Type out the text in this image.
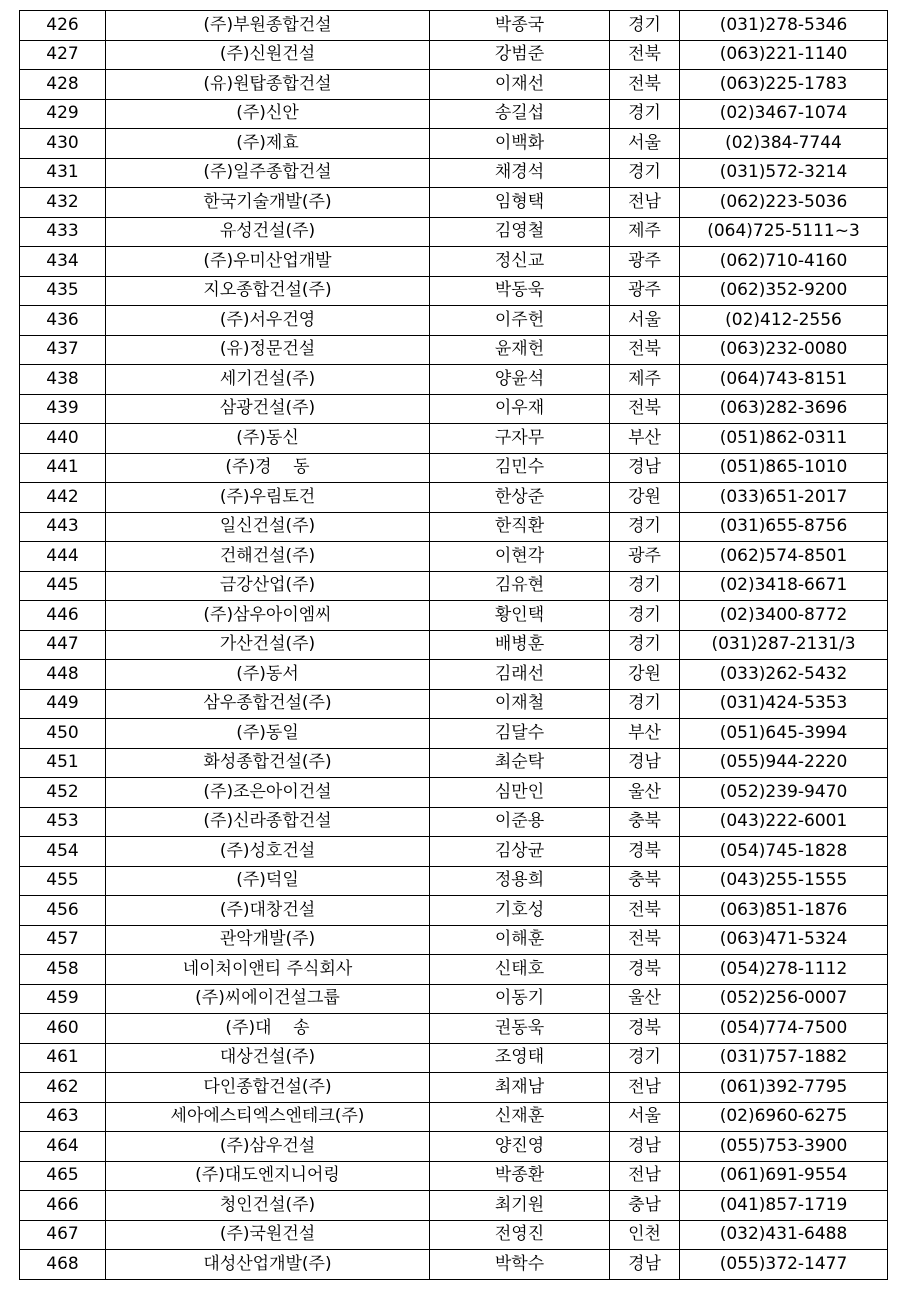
426	(주)부원종합건설	박종국	경기	(031)278-5346
427	(주)신원건설	강범준	전북	(063)221-1140
428	(유)원탑종합건설	이재선	전북	(063)225-1783
429	(주)신안	송길섭	경기	(02)3467-1074
430	(주)제효	이백화	서울	(02)384-7744
431	(주)일주종합건설	채경석	경기	(031)572-3214
432	한국기술개발(주)	임형택	전남	(062)223-5036
433	유성건설(주)	김영철	제주	(064)725-5111~3
434	(주)우미산업개발	정신교	광주	(062)710-4160
435	지오종합건설(주)	박동욱	광주	(062)352-9200
436	(주)서우건영	이주헌	서울	(02)412-2556
437	(유)정문건설	윤재헌	전북	(063)232-0080
438	세기건설(주)	양윤석	제주	(064)743-8151
439	삼광건설(주)	이우재	전북	(063)282-3696
440	(주)동신	구자무	부산	(051)862-0311
441	(주)경    동	김민수	경남	(051)865-1010
442	(주)우림토건	한상준	강원	(033)651-2017
443	일신건설(주)	한직환	경기	(031)655-8756
444	건해건설(주)	이현각	광주	(062)574-8501
445	금강산업(주)	김유현	경기	(02)3418-6671
446	(주)삼우아이엠씨	황인택	경기	(02)3400-8772
447	가산건설(주)	배병훈	경기	(031)287-2131/3
448	(주)동서	김래선	강원	(033)262-5432
449	삼우종합건설(주)	이재철	경기	(031)424-5353
450	(주)동일	김달수	부산	(051)645-3994
451	화성종합건설(주)	최순탁	경남	(055)944-2220
452	(주)조은아이건설	심만인	울산	(052)239-9470
453	(주)신라종합건설	이준용	충북	(043)222-6001
454	(주)성호건설	김상균	경북	(054)745-1828
455	(주)덕일	정용희	충북	(043)255-1555
456	(주)대창건설	기호성	전북	(063)851-1876
457	관악개발(주)	이해훈	전북	(063)471-5324
458	네이처이앤티 주식회사	신태호	경북	(054)278-1112
459	(주)씨에이건설그룹	이동기	울산	(052)256-0007
460	(주)대    송	권동욱	경북	(054)774-7500
461	대상건설(주)	조영태	경기	(031)757-1882
462	다인종합건설(주)	최재남	전남	(061)392-7795
463	세아에스티엑스엔테크(주)	신재훈	서울	(02)6960-6275
464	(주)삼우건설	양진영	경남	(055)753-3900
465	(주)대도엔지니어링	박종환	전남	(061)691-9554
466	청인건설(주)	최기원	충남	(041)857-1719
467	(주)국원건설	전영진	인천	(032)431-6488
468	대성산업개발(주)	박학수	경남	(055)372-1477
